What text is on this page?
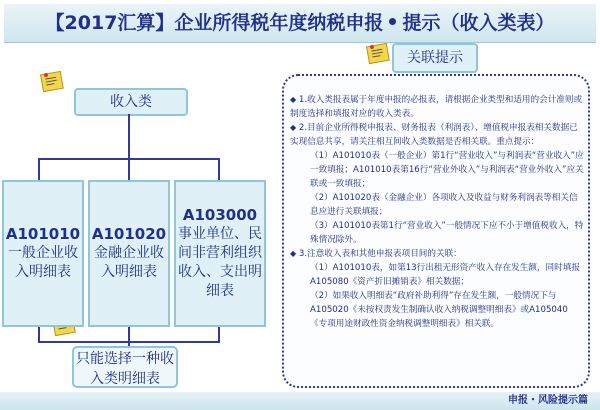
【2017汇算】企业所得税年度纳税申报 提示（收入类表）
收入类
A101010
一般企业收入明细表
A101020
金融企业收入明细表
A103000
事业单位、民间非营利组织收入、支出明细表
只能选择一种收入类明细表
关联提示

◆ 1.收入类报表属于年度申报的必报表，请根据企业类型和适用的会计准则或制度选择和填报对应的收入类表。

◆ 2.目前企业所得税申报表、财务报表（利润表）、增值税申报表相关数据已实现信息共享，请关注相互间收入类数据是否相关联。重点提示：

（1）A101010表（一般企业）第1行“营业收入”与利润表“营业收入”应一致填报；A101010表第16行“营业外收入”与利润表“营业外收入”应关联或一致填报；

（2）A101020表（金融企业）各项收入及收益与财务利润表等相关信息应进行关联填报；

（3）A101010表第1行“营业收入”一般情况下应不小于增值税收入，特殊情况除外。

◆ 3.注意收入表和其他申报表项目间的关联：

（1）A101010表，如第13行出租无形资产收入存在发生额，同时填报A105080《资产折旧摊销表》相关数据；

（2）如果收入明细表“政府补助利得”存在发生额，一般情况下与A105020《未按权责发生制确认收入纳税调整明细表》或A105040《专项用途财政性资金纳税调整明细表》相关联。

申报・风险提示篇
